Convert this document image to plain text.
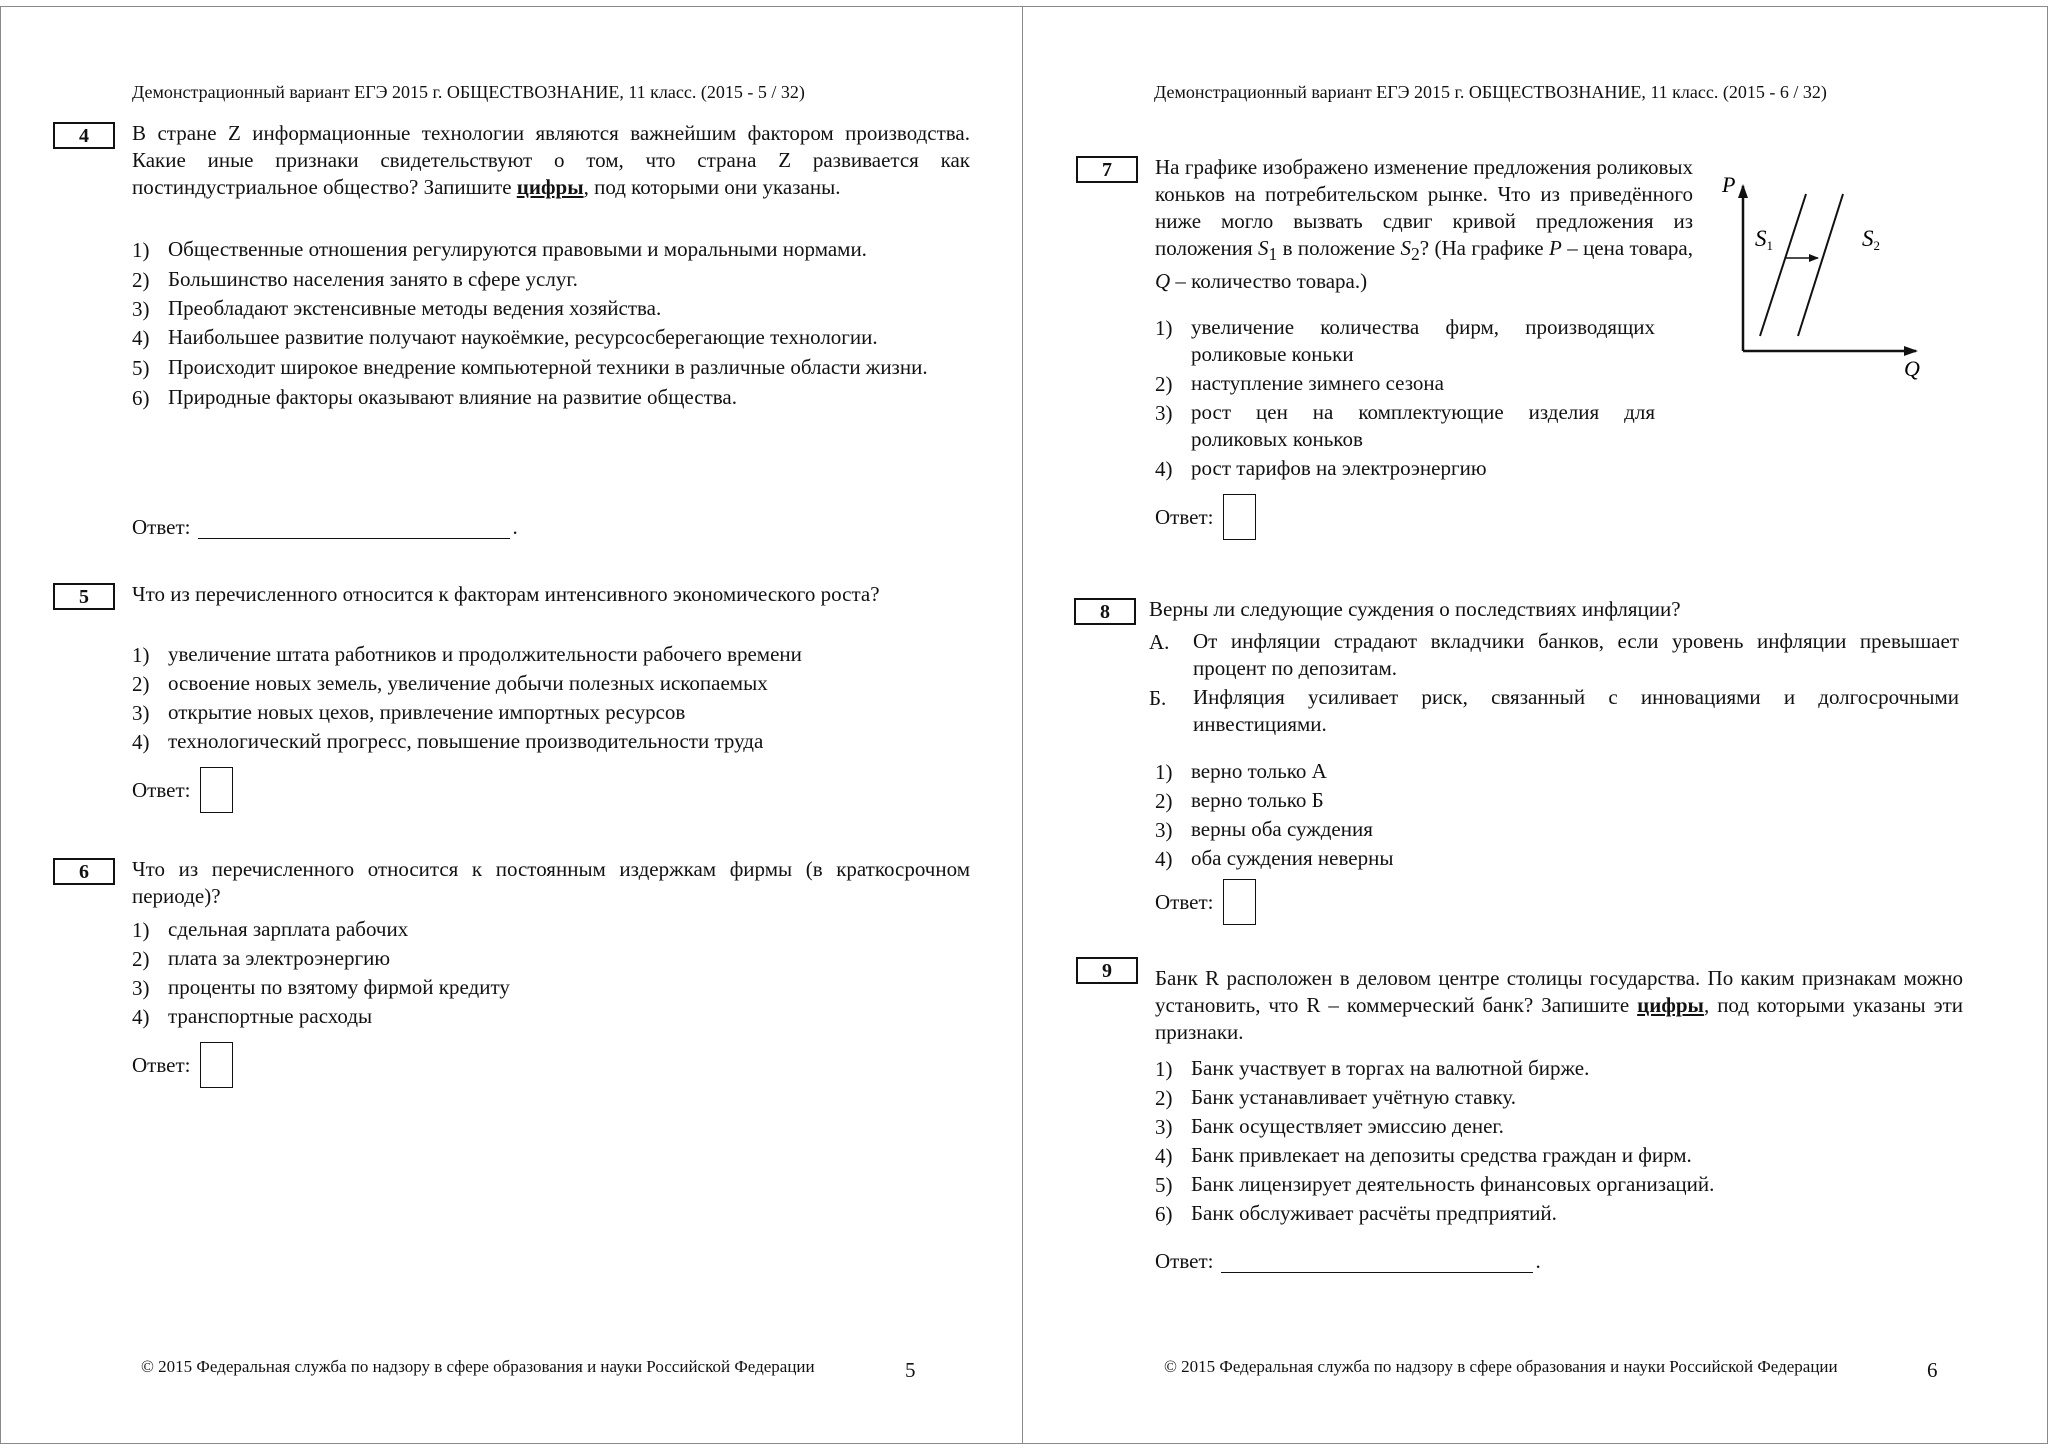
Демонстрационный вариант ЕГЭ 2015 г. ОБЩЕСТВОЗНАНИЕ, 11 класс. (2015 - 5 / 32)
4	В стране Z информационные технологии являются важнейшим фактором производства. Какие иные признаки свидетельствуют о том, что страна Z развивается как постиндустриальное общество? Запишите цифры, под которыми они указаны.
1) Общественные отношения регулируются правовыми и моральными нормами.
2) Большинство населения занято в сфере услуг.
3) Преобладают экстенсивные методы ведения хозяйства.
4) Наибольшее развитие получают наукоёмкие, ресурсосберегающие технологии.
5) Происходит широкое внедрение компьютерной техники в различные области жизни.
6) Природные факторы оказывают влияние на развитие общества.
Ответ:	.
5	Что из перечисленного относится к факторам интенсивного экономического роста?
1) увеличение штата работников и продолжительности рабочего времени
2) освоение новых земель, увеличение добычи полезных ископаемых
3) открытие новых цехов, привлечение импортных ресурсов
4) технологический прогресс, повышение производительности труда
Ответ:
6	Что из перечисленного относится к постоянным издержкам фирмы (в краткосрочном периоде)?
1) сдельная зарплата рабочих
2) плата за электроэнергию
3) проценты по взятому фирмой кредиту
4) транспортные расходы
Ответ:
© 2015 Федеральная служба по надзору в сфере образования и науки Российской Федерации	5
Демонстрационный вариант ЕГЭ 2015 г. ОБЩЕСТВОЗНАНИЕ, 11 класс. (2015 - 6 / 32)
7	На графике изображено изменение предложения роликовых коньков на потребительском рынке. Что из приведённого ниже могло вызвать сдвиг кривой предложения из положения $S_1$ в положение $S_2$? (На графике P – цена товара, Q – количество товара.)
1) увеличение количества фирм, производящих роликовые коньки
2) наступление зимнего сезона
3) рост цен на комплектующие изделия для роликовых коньков
4) рост тарифов на электроэнергию
Ответ:
P
Q
S1	S2
8	Верны ли следующие суждения о последствиях инфляции?
А. От инфляции страдают вкладчики банков, если уровень инфляции превышает процент по депозитам.
Б. Инфляция усиливает риск, связанный с инновациями и долгосрочными инвестициями.
1) верно только А
2) верно только Б
3) верны оба суждения
4) оба суждения неверны
Ответ:
9	Банк R расположен в деловом центре столицы государства. По каким признакам можно установить, что R – коммерческий банк? Запишите цифры, под которыми указаны эти признаки.
1) Банк участвует в торгах на валютной бирже.
2) Банк устанавливает учётную ставку.
3) Банк осуществляет эмиссию денег.
4) Банк привлекает на депозиты средства граждан и фирм.
5) Банк лицензирует деятельность финансовых организаций.
6) Банк обслуживает расчёты предприятий.
Ответ:	.
© 2015 Федеральная служба по надзору в сфере образования и науки Российской Федерации	6
